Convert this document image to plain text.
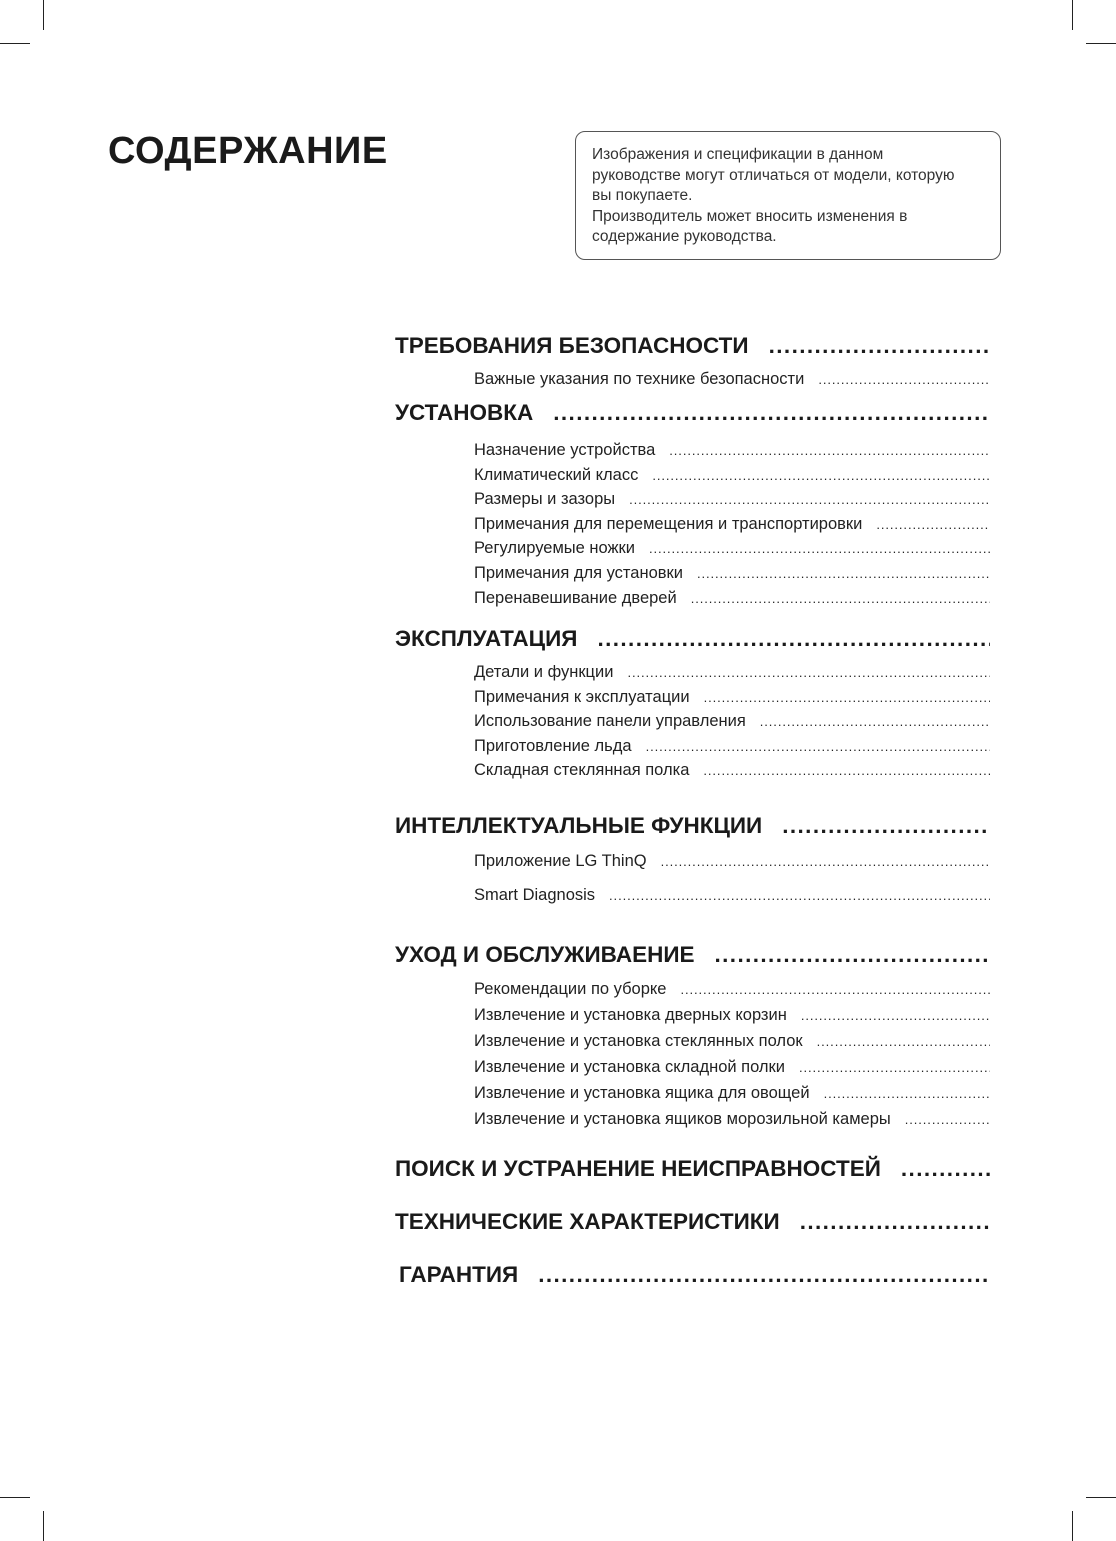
СОДЕРЖАНИЕ	Изображения и спецификации в данном

руководстве могут отличаться от модели, которую

вы покупаете.

Производитель может вносить изменения в

содержание руководства.

ТРЕБОВАНИЯ БЕЗОПАСНОСТИ
.....
Важные указания по технике безопасности
.....
УСТАНОВКА
.....
Назначение устройства
.....
Климатический класс
.....
Размеры и зазоры
.....
Примечания для перемещения и транспортировки
.....
Регулируемые ножки
.....
Примечания для установки
.....
Перенавешивание дверей
.....
ЭКСПЛУАТАЦИЯ
.....
Детали и функции
.....
Примечания к эксплуатации
.....
Использование панели управления
.....
Приготовление льда
.....
Складная стеклянная полка
.....
ИНТЕЛЛЕКТУАЛЬНЫЕ ФУНКЦИИ
.....
Приложение LG ThinQ
.....
Smart Diagnosis
.....
УХОД И ОБСЛУЖИВАЕНИЕ
.....
Рекомендации по уборке
.....
Извлечение и установка дверных корзин
.....
Извлечение и установка стеклянных полок
.....
Извлечение и установка складной полки
.....
Извлечение и установка ящика для овощей
.....
Извлечение и установка ящиков морозильной камеры
.....
ПОИСК И УСТРАНЕНИЕ НЕИСПРАВНОСТЕЙ
.....
ТЕХНИЧЕСКИЕ ХАРАКТЕРИСТИКИ
.....
ГАРАНТИЯ
.....
